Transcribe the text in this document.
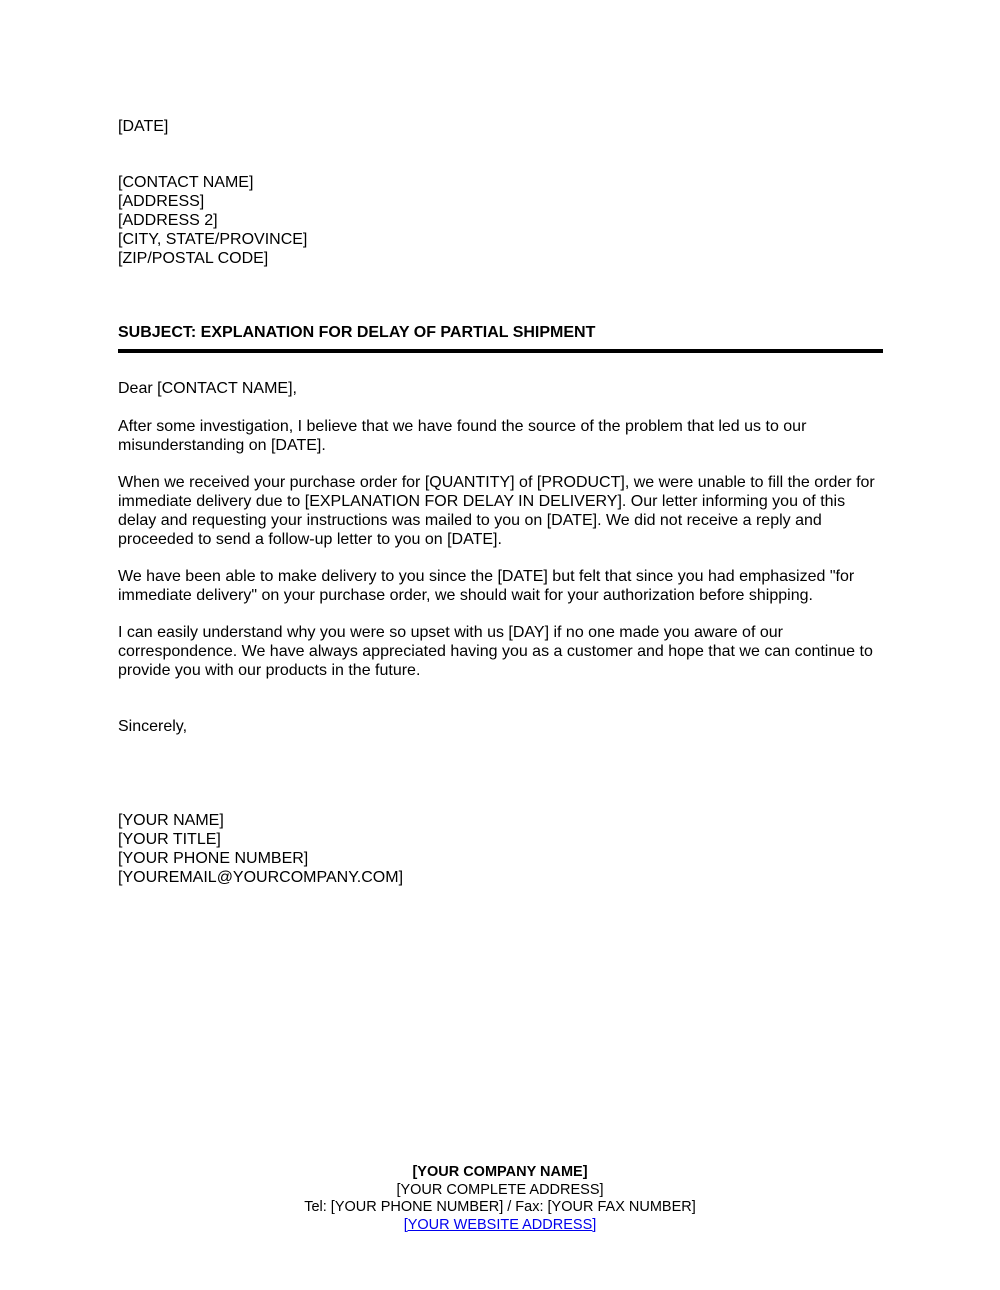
[DATE]
[CONTACT NAME]
[ADDRESS]
[ADDRESS 2]
[CITY, STATE/PROVINCE]
[ZIP/POSTAL CODE]
SUBJECT: EXPLANATION FOR DELAY OF PARTIAL SHIPMENT
Dear [CONTACT NAME],
After some investigation, I believe that we have found the source of the problem that led us to our misunderstanding on [DATE].
When we received your purchase order for [QUANTITY] of [PRODUCT], we were unable to fill the order for immediate delivery due to [EXPLANATION FOR DELAY IN DELIVERY]. Our letter informing you of this delay and requesting your instructions was mailed to you on [DATE]. We did not receive a reply and proceeded to send a follow-up letter to you on [DATE].
We have been able to make delivery to you since the [DATE] but felt that since you had emphasized "for immediate delivery" on your purchase order, we should wait for your authorization before shipping.
I can easily understand why you were so upset with us [DAY] if no one made you aware of our correspondence. We have always appreciated having you as a customer and hope that we can continue to provide you with our products in the future.
Sincerely,
[YOUR NAME]
[YOUR TITLE]
[YOUR PHONE NUMBER]
[YOUREMAIL@YOURCOMPANY.COM]
[YOUR COMPANY NAME]
[YOUR COMPLETE ADDRESS]
Tel: [YOUR PHONE NUMBER] / Fax: [YOUR FAX NUMBER]
[YOUR WEBSITE ADDRESS]
